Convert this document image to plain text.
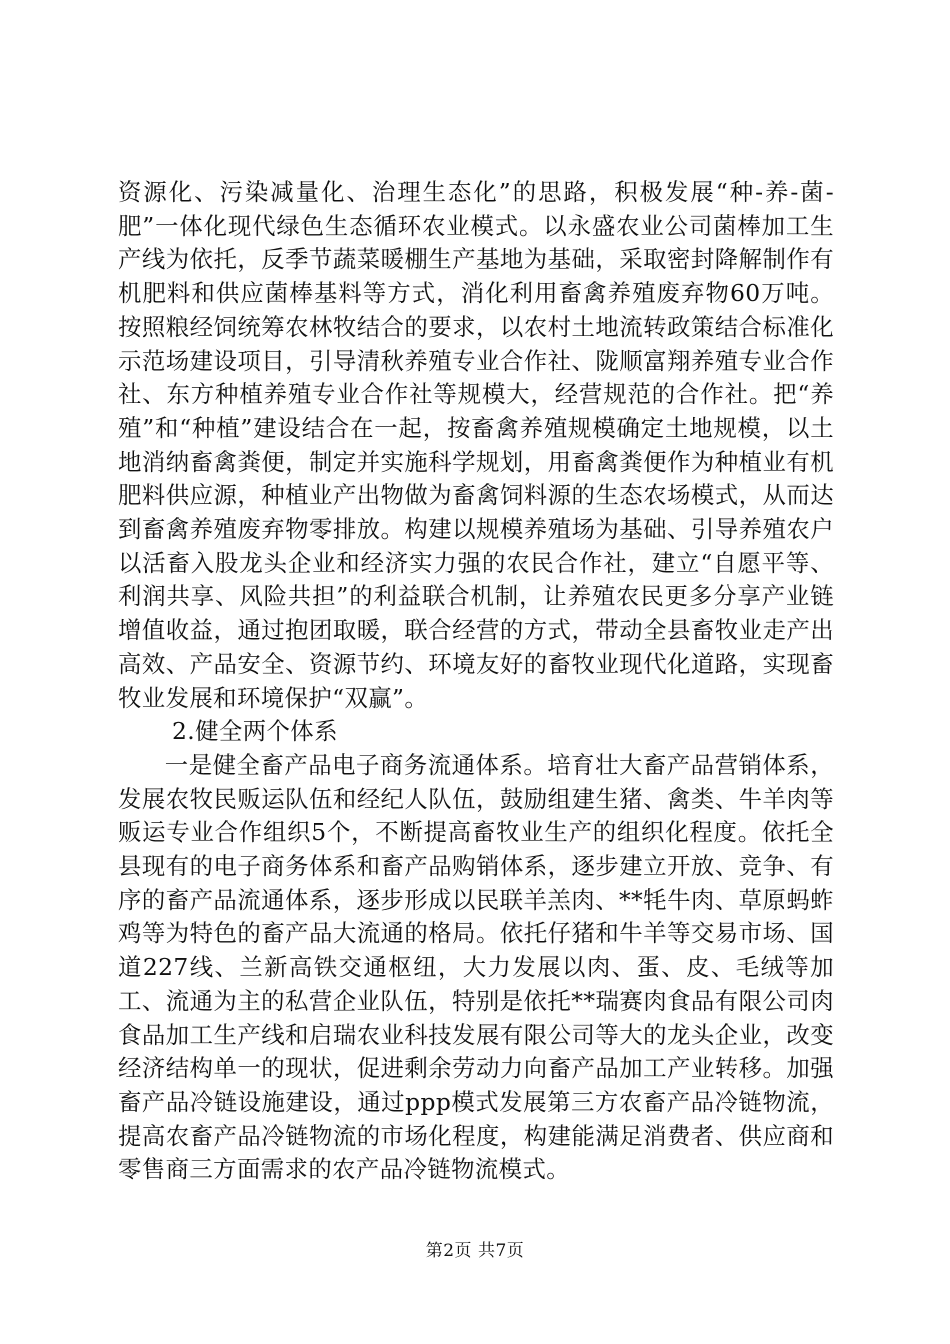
资源化、污染减量化、治理生态化”的思路，积极发展“种-养-菌-肥”一体化现代绿色生态循环农业模式。以永盛农业公司菌棒加工生产线为依托，反季节蔬菜暖棚生产基地为基础，采取密封降解制作有机肥料和供应菌棒基料等方式，消化利用畜禽养殖废弃物60万吨。按照粮经饲统筹农林牧结合的要求，以农村土地流转政策结合标准化示范场建设项目，引导清秋养殖专业合作社、陇顺富翔养殖专业合作社、东方种植养殖专业合作社等规模大，经营规范的合作社。把“养殖”和“种植”建设结合在一起，按畜禽养殖规模确定土地规模，以土地消纳畜禽粪便，制定并实施科学规划，用畜禽粪便作为种植业有机肥料供应源，种植业产出物做为畜禽饲料源的生态农场模式，从而达到畜禽养殖废弃物零排放。构建以规模养殖场为基础、引导养殖农户以活畜入股龙头企业和经济实力强的农民合作社，建立“自愿平等、利润共享、风险共担”的利益联合机制，让养殖农民更多分享产业链增值收益，通过抱团取暖，联合经营的方式，带动全县畜牧业走产出高效、产品安全、资源节约、环境友好的畜牧业现代化道路，实现畜牧业发展和环境保护“双赢”。

2.健全两个体系

一是健全畜产品电子商务流通体系。培育壮大畜产品营销体系，发展农牧民贩运队伍和经纪人队伍，鼓励组建生猪、禽类、牛羊肉等贩运专业合作组织5个，不断提高畜牧业生产的组织化程度。依托全县现有的电子商务体系和畜产品购销体系，逐步建立开放、竞争、有序的畜产品流通体系，逐步形成以民联羊羔肉、**牦牛肉、草原蚂蚱鸡等为特色的畜产品大流通的格局。依托仔猪和牛羊等交易市场、国道227线、兰新高铁交通枢纽，大力发展以肉、蛋、皮、毛绒等加工、流通为主的私营企业队伍，特别是依托**瑞赛肉食品有限公司肉食品加工生产线和启瑞农业科技发展有限公司等大的龙头企业，改变经济结构单一的现状，促进剩余劳动力向畜产品加工产业转移。加强畜产品冷链设施建设，通过ppp模式发展第三方农畜产品冷链物流，提高农畜产品冷链物流的市场化程度，构建能满足消费者、供应商和零售商三方面需求的农产品冷链物流模式。

第2页 共7页
